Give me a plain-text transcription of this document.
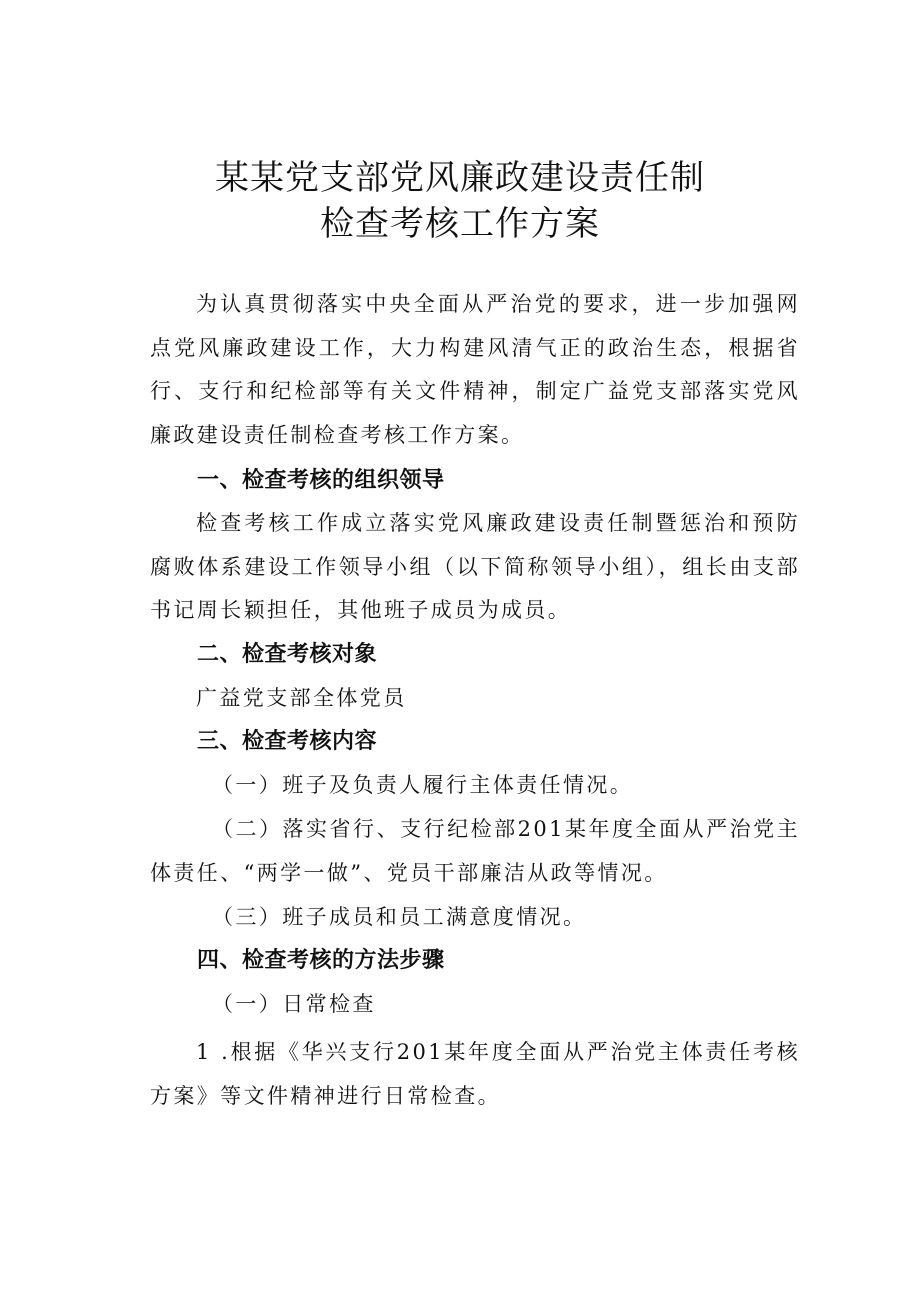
某某党支部党风廉政建设责任制
检查考核工作方案

为认真贯彻落实中央全面从严治党的要求，进一步加强网点党风廉政建设工作，大力构建风清气正的政治生态，根据省行、支行和纪检部等有关文件精神，制定广益党支部落实党风廉政建设责任制检查考核工作方案。

一、检查考核的组织领导

检查考核工作成立落实党风廉政建设责任制暨惩治和预防腐败体系建设工作领导小组（以下简称领导小组），组长由支部书记周长颖担任，其他班子成员为成员。

二、检查考核对象

广益党支部全体党员

三、检查考核内容

（一）班子及负责人履行主体责任情况。

（二）落实省行、支行纪检部201某年度全面从严治党主体责任、“两学一做”、党员干部廉洁从政等情况。

（三）班子成员和员工满意度情况。

四、检查考核的方法步骤

（一）日常检查

1 .根据《华兴支行201某年度全面从严治党主体责任考核方案》等文件精神进行日常检查。
